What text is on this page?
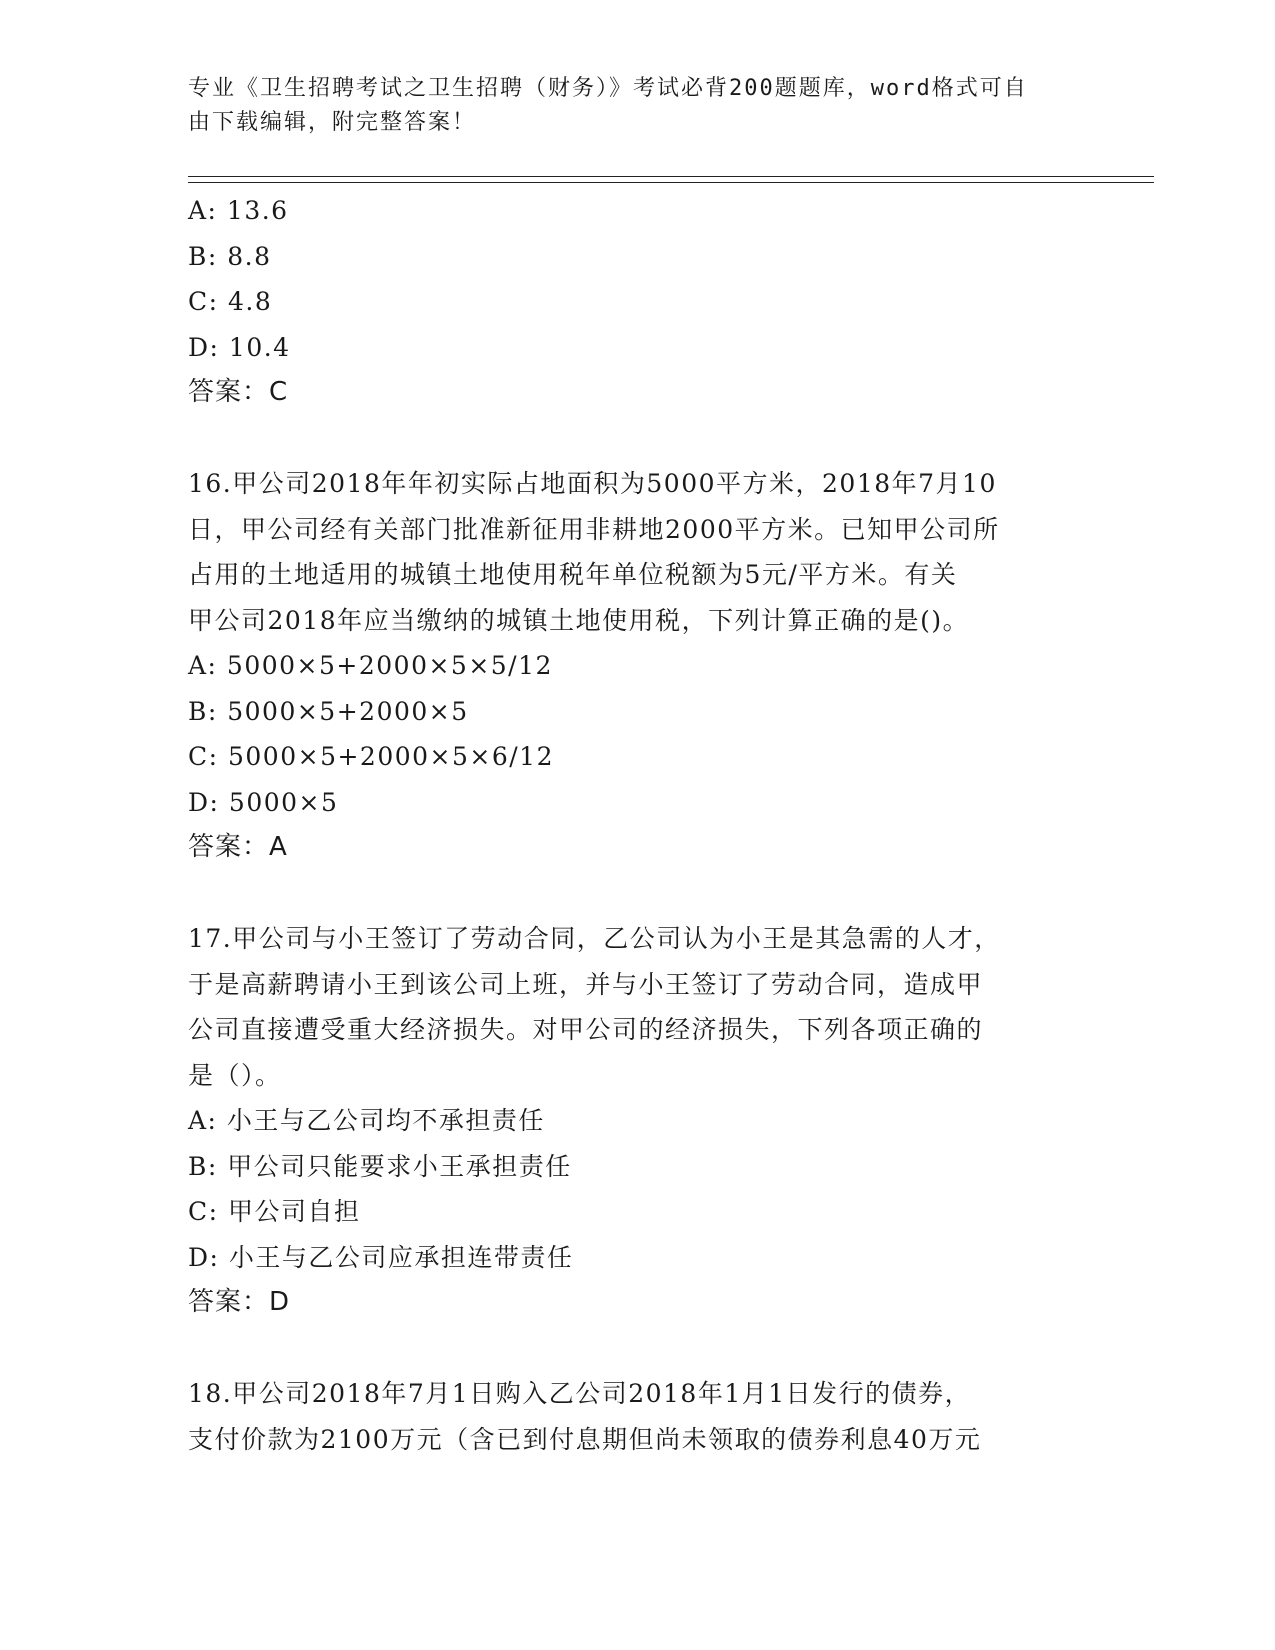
专业《卫生招聘考试之卫生招聘（财务）》考试必背200题题库，word格式可自
由下载编辑，附完整答案！

A: 13.6

B: 8.8

C: 4.8

D: 10.4

答案：C

16.甲公司2018年年初实际占地面积为5000平方米，2018年7月10

日，甲公司经有关部门批准新征用非耕地2000平方米。已知甲公司所

占用的土地适用的城镇土地使用税年单位税额为5元/平方米。有关

甲公司2018年应当缴纳的城镇土地使用税，下列计算正确的是()。

A: 5000×5+2000×5×5/12

B: 5000×5+2000×5

C: 5000×5+2000×5×6/12

D: 5000×5

答案：A

17.甲公司与小王签订了劳动合同，乙公司认为小王是其急需的人才，

于是高薪聘请小王到该公司上班，并与小王签订了劳动合同，造成甲

公司直接遭受重大经济损失。对甲公司的经济损失，下列各项正确的

是（）。

A: 小王与乙公司均不承担责任

B: 甲公司只能要求小王承担责任

C: 甲公司自担

D: 小王与乙公司应承担连带责任

答案：D

18.甲公司2018年7月1日购入乙公司2018年1月1日发行的债券，

支付价款为2100万元（含已到付息期但尚未领取的债券利息40万元
